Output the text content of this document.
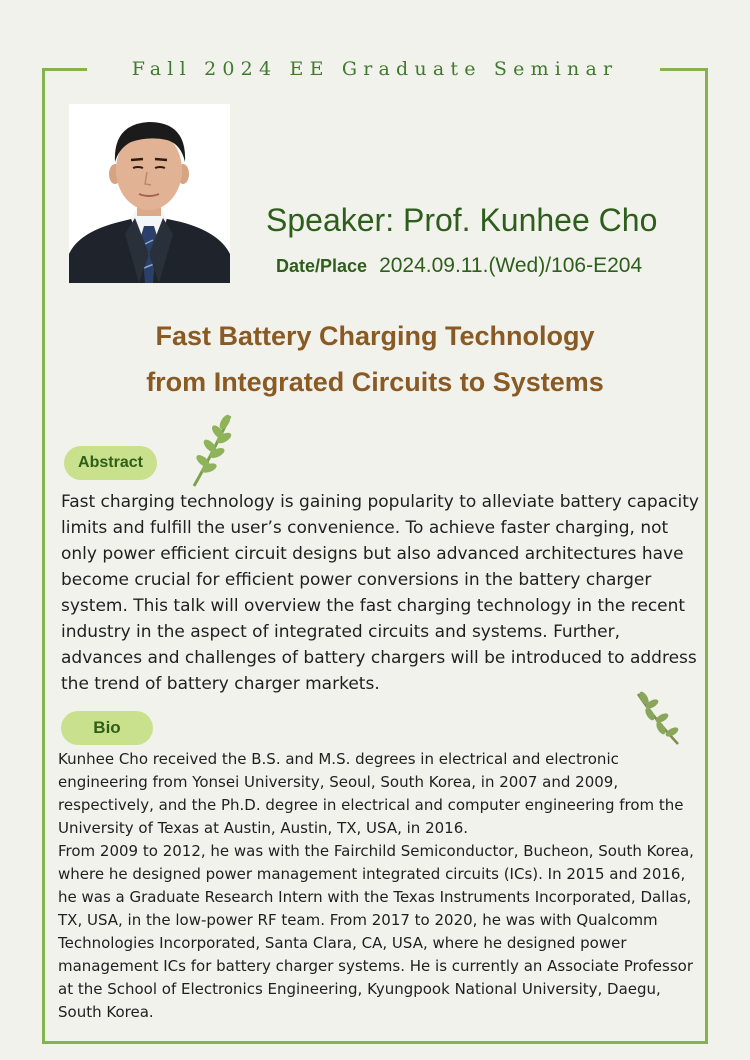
Fall 2024 EE Graduate Seminar
Speaker: Prof. Kunhee Cho
Date/Place 2024.09.11.(Wed)/106-E204
Fast Battery Charging Technology
from Integrated Circuits to Systems
Abstract
Fast charging technology is gaining popularity to alleviate battery capacity limits and fulfill the user’s convenience. To achieve faster charging, not only power efficient circuit designs but also advanced architectures have become crucial for efficient power conversions in the battery charger system. This talk will overview the fast charging technology in the recent industry in the aspect of integrated circuits and systems. Further, advances and challenges of battery chargers will be introduced to address the trend of battery charger markets.
Bio
Kunhee Cho received the B.S. and M.S. degrees in electrical and electronic engineering from Yonsei University, Seoul, South Korea, in 2007 and 2009, respectively, and the Ph.D. degree in electrical and computer engineering from the University of Texas at Austin, Austin, TX, USA, in 2016.
From 2009 to 2012, he was with the Fairchild Semiconductor, Bucheon, South Korea, where he designed power management integrated circuits (ICs). In 2015 and 2016, he was a Graduate Research Intern with the Texas Instruments Incorporated, Dallas, TX, USA, in the low-power RF team. From 2017 to 2020, he was with Qualcomm Technologies Incorporated, Santa Clara, CA, USA, where he designed power management ICs for battery charger systems. He is currently an Associate Professor at the School of Electronics Engineering, Kyungpook National University, Daegu, South Korea.
